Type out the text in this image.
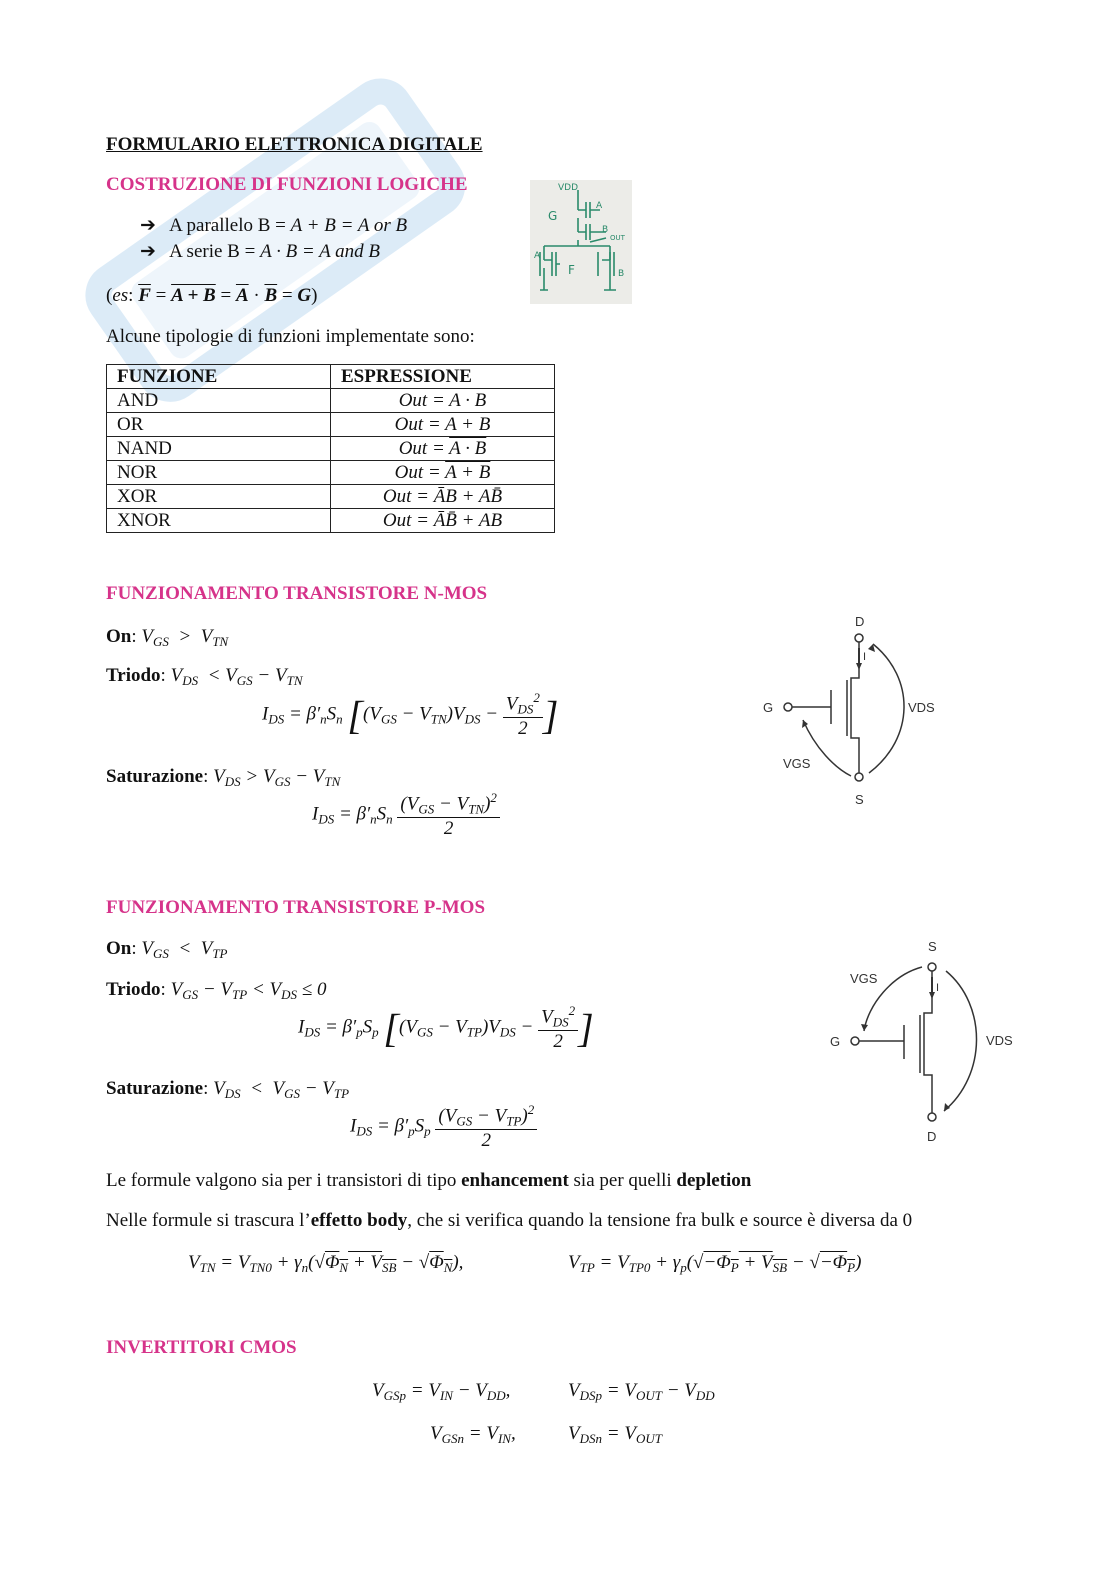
FORMULARIO ELETTRONICA DIGITALE
COSTRUZIONE DI FUNZIONI LOGICHE
➔ A parallelo B = A + B = A or B
➔ A serie B = A · B = A and B
(es: $\overline{F} = A + B = \overline{A} \cdot \overline{B} = G$)
VDD
A
B
G
F
OUT
A
B
Alcune tipologie di funzioni implementate sono:
FUNZIONE	ESPRESSIONE
AND	Out = A · B
OR	Out = A + B
NAND	Out = A · B
NOR	Out = A + B
XOR	Out = ĀB + AB̄
XNOR	Out = ĀB̄ + AB
FUNZIONAMENTO TRANSISTORE N-MOS
On: $V_{GS} > V_{TN}$
Triodo: $V_{DS} < V_{GS} - V_{TN}$
$I_{DS} = \beta'_nS_n$ [$(V_{GS} - V_{TN})V_{DS} - \frac{V_{DS}^2}{2}$ ]
Saturazione: $V_{DS} > V_{GS} - V_{TN}$
$I_{DS} = \beta'_nS_n \frac{(V_{GS} - V_{TN})^2}{2}$
D
S
G
I
VDS
VGS
FUNZIONAMENTO TRANSISTORE P-MOS
On: $V_{GS} < V_{TP}$
Triodo: $V_{GS} - V_{TP} < V_{DS} \le 0$
$I_{DS} = \beta'_pS_p$ [$(V_{GS} - V_{TP})V_{DS} - \frac{V_{DS}^2}{2}$ ]
Saturazione: $V_{DS} < V_{GS} - V_{TP}$
$I_{DS} = \beta'_pS_p \frac{(V_{GS} - V_{TP})^2}{2}$
S
D
G
I
VDS
VGS
Le formule valgono sia per i transistori di tipo enhancement sia per quelli depletion
Nelle formule si trascura l’effetto body, che si verifica quando la tensione fra bulk e source è diversa da 0
$V_{TN} = V_{TN0} + \gamma_n(√\Phi_N + V_{SB} - √\Phi_N)$,	$V_{TP} = V_{TP0} + \gamma_p(√-\Phi_P + V_{SB} - √-\Phi_P)$
INVERTITORI CMOS
$V_{GSp} = V_{IN} - V_{DD}$,	$V_{DSp} = V_{OUT} - V_{DD}$
$V_{GSn} = V_{IN}$,	$V_{DSn} = V_{OUT}$
